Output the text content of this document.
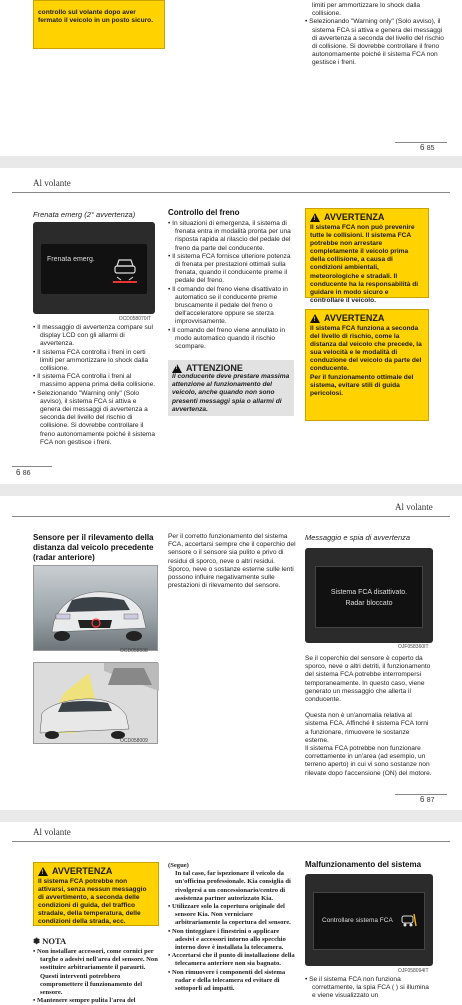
controllo sul volante dopo aver fermato il veicolo in un posto sicuro.
limiti per ammortizzare lo shock dalla collisione.
• Selezionando "Warning only" (Solo avviso), il sistema FCA si attiva e genera dei messaggi di avvertenza a seconda del livello del rischio di collisione. Si dovrebbe controllare il freno autonomamente poiché il sistema FCA non gestisce i freni.
6 85
Al volante
Frenata emerg (2° avvertenza)
Frenata emerg.
OCD058070IT
• Il messaggio di avvertenza compare sul display LCD con gli allarmi di avvertenza.
• Il sistema FCA controlla i freni in certi limiti per ammortizzare lo shock dalla collisione.
• Il sistema FCA controlla i freni al massimo appena prima della collisione.
• Selezionando "Warning only" (Solo avviso), il sistema FCA si attiva e genera dei messaggi di avvertenza a seconda del livello del rischio di collisione. Si dovrebbe controllare il freno autonomamente poiché il sistema FCA non gestisce i freni.
Controllo del freno
• In situazioni di emergenza, il sistema di frenata entra in modalità pronta per una risposta rapida al rilascio del pedale del freno da parte del conducente.
• Il sistema FCA fornisce ulteriore potenza di frenata per prestazioni ottimali sulla frenata, quando il conducente preme il pedale del freno.
• Il comando del freno viene disattivato in automatico se il conducente preme bruscamente il pedale del freno o dell'acceleratore oppure se sterza improvvisamente.
• Il comando del freno viene annullato in modo automatico quando il rischio scompare.
!
ATTENZIONE
Il conducente deve prestare massima attenzione al funzionamento del veicolo, anche quando non sono presenti messaggi spia o allarmi di avvertenza.
!
AVVERTENZA
Il sistema FCA non può prevenire tutte le collisioni. Il sistema FCA potrebbe non arrestare completamente il veicolo prima della collisione, a causa di condizioni ambientali, meteorologiche e stradali. Il conducente ha la responsabilità di guidare in modo sicuro e controllare il veicolo.
!
AVVERTENZA
Il sistema FCA funziona a seconda del livello di rischio, come la distanza dal veicolo che precede, la sua velocità e le modalità di conduzione del veicolo da parte del conducente.
Per il funzionamento ottimale del sistema, evitare stili di guida pericolosi.
6 86
Al volante
Sensore per il rilevamento della distanza dal veicolo precedente (radar anteriore)
OCD058008
OCD058009
Per il corretto funzionamento del sistema FCA, accertarsi sempre che il coperchio del sensore o il sensore sia pulito e privo di residui di sporco, neve o altri residui. Sporco, neve o sostanze esterne sulle lenti possono influire negativamente sulle prestazioni di rilevamento del sensore.
Messaggio e spia di avvertenza
Sistema FCA disattivato.
Radar bloccato
OJF058360IT
Se il coperchio del sensore è coperto da sporco, neve o altri detriti, il funzionamento del sistema FCA potrebbe interrompersi temporaneamente. In questo caso, viene generato un messaggio che allerta il conducente.
Questa non è un'anomalia relativa al sistema FCA. Affinché il sistema FCA torni a funzionare, rimuovere le sostanze esterne.
Il sistema FCA potrebbe non funzionare correttamente in un'area (ad esempio, un terreno aperto) in cui vi sono sostanze non rilevate dopo l'accensione (ON) del motore.
6 87
Al volante
!
AVVERTENZA
Il sistema FCA potrebbe non attivarsi, senza nessun messaggio di avvertimento, a seconda delle condizioni di guida, del traffico stradale, della temperatura, delle condizioni della strada, ecc.
✽ NOTA
• Non installare accessori, come cornici per targhe o adesivi nell'area del sensore. Non sostituire arbitrariamente il paraurti. Questi interventi potrebbero compromettere il funzionamento del sensore.
• Mantenere sempre pulita l'area del
(Segue)
In tal caso, far ispezionare il veicolo da un'officina professionale. Kia consiglia di rivolgersi a un concessionario/centro di assistenza partner autorizzato Kia.
• Utilizzare solo la copertura originale del sensore Kia. Non verniciare arbitrariamente la copertura del sensore.
• Non tinteggiare i finestrini o applicare adesivi e accessori intorno allo specchio interno dove è installata la telecamera.
• Accertarsi che il punto di installazione della telecamera anteriore non sia bagnato.
• Non rimuovere i componenti del sistema radar e della telecamera ed evitare di sottoporli ad impatti.
Malfunzionamento del sistema
Controllare sistema FCA
OJF058094IT
• Se il sistema FCA non funziona correttamente, la spia FCA ( ) si illumina e viene visualizzato un
